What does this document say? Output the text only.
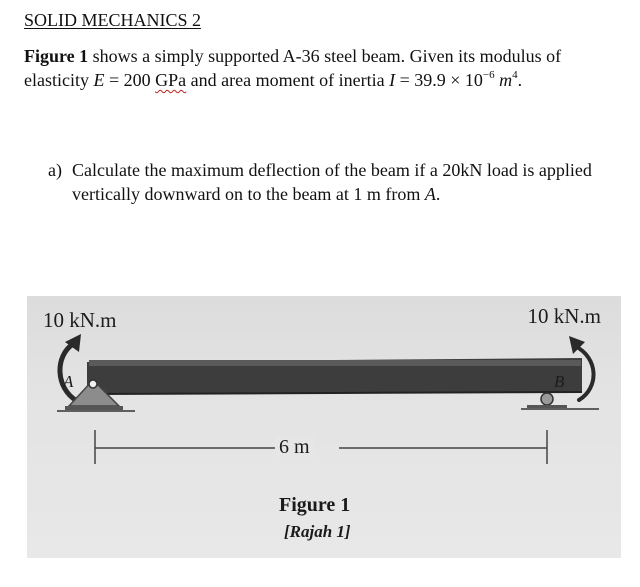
SOLID MECHANICS 2
Figure 1 shows a simply supported A-36 steel beam. Given its modulus of
elasticity E = 200 GPa and area moment of inertia $I = 39.9 \times 10^{-6}$ $m^4$.
a) Calculate the maximum deflection of the beam if a 20kN load is applied
vertically downward on to the beam at 1 m from A.
10 kN.m	10 kN.m
A	B
6 m
Figure 1
[Rajah 1]
